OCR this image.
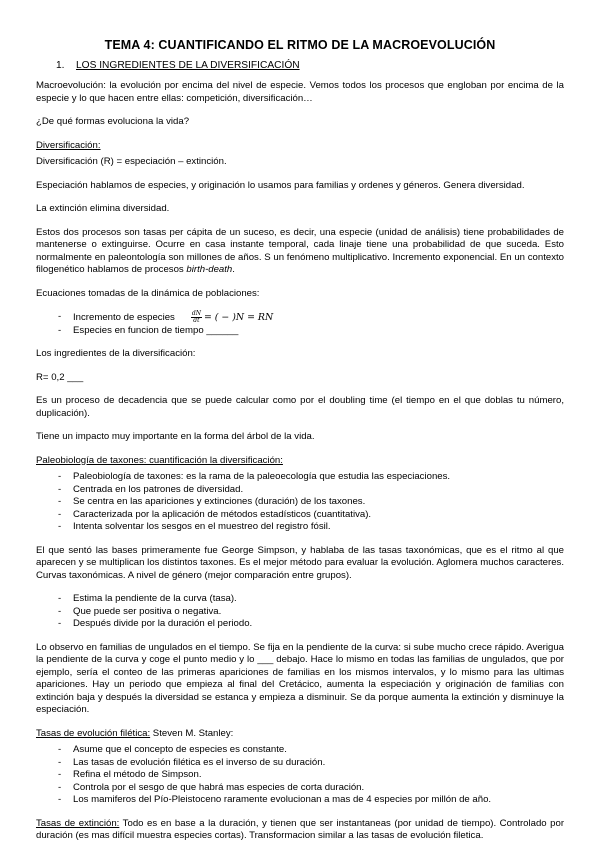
TEMA 4: CUANTIFICANDO EL RITMO DE LA MACROEVOLUCIÓN
1. LOS INGREDIENTES DE LA DIVERSIFICACIÓN

Macroevolución: la evolución por encima del nivel de especie. Vemos todos los procesos que engloban por encima de la especie y lo que hacen entre ellas: competición, diversificación…

¿De qué formas evoluciona la vida?

Diversificación:

Diversificación (R) = especiación – extinción.

Especiación hablamos de especies, y originación lo usamos para familias y ordenes y géneros. Genera diversidad.

La extinción elimina diversidad.

Estos dos procesos son tasas per cápita de un suceso, es decir, una especie (unidad de análisis) tiene probabilidades de mantenerse o extinguirse. Ocurre en casa instante temporal, cada linaje tiene una probabilidad de que suceda. Esto normalmente en paleontología son millones de años. S un fenómeno multiplicativo. Incremento exponencial. En un contexto filogenético hablamos de procesos birth-death.

Ecuaciones tomadas de la dinámica de poblaciones:

- Incremento de especies	$\frac{dN}{dt}$ = ( − )N = RN
- Especies en funcion de tiempo ______

Los ingredientes de la diversificación:

R= 0,2 ___

Es un proceso de decadencia que se puede calcular como por el doubling time (el tiempo en el que doblas tu número, duplicación).

Tiene un impacto muy importante en la forma del árbol de la vida.

Paleobiología de taxones: cuantificación la diversificación:

- Paleobiología de taxones: es la rama de la paleoecología que estudia las especiaciones.
- Centrada en los patrones de diversidad.
- Se centra en las apariciones y extinciones (duración) de los taxones.
- Caracterizada por la aplicación de métodos estadísticos (cuantitativa).
- Intenta solventar los sesgos en el muestreo del registro fósil.

El que sentó las bases primeramente fue George Simpson, y hablaba de las tasas taxonómicas, que es el ritmo al que aparecen y se multiplican los distintos taxones. Es el mejor método para evaluar la evolución. Aglomera muchos caracteres. Curvas taxonómicas. A nivel de género (mejor comparación entre grupos).

- Estima la pendiente de la curva (tasa).
- Que puede ser positiva o negativa.
- Después divide por la duración el periodo.

Lo observo en familias de ungulados en el tiempo. Se fija en la pendiente de la curva: si sube mucho crece rápido. Averigua la pendiente de la curva y coge el punto medio y lo ___ debajo. Hace lo mismo en todas las familias de ungulados, que por ejemplo, sería el conteo de las primeras apariciones de familias en los mismos intervalos, y lo mismo para las ultimas apariciones. Hay un periodo que empieza al final del Cretácico, aumenta la especiación y originación de familias con extinción baja y después la diversidad se estanca y empieza a disminuir. Se da porque aumenta la extinción y disminuye la especiación.

Tasas de evolución filética: Steven M. Stanley:

- Asume que el concepto de especies es constante.
- Las tasas de evolución filética es el inverso de su duración.
- Refina el método de Simpson.
- Controla por el sesgo de que habrá mas especies de corta duración.
- Los mamiferos del Pío-Pleistoceno raramente evolucionan a mas de 4 especies por millón de año.

Tasas de extinción: Todo es en base a la duración, y tienen que ser instantaneas (por unidad de tiempo). Controlado por duración (es mas difícil muestra especies cortas). Transformacion similar a las tasas de evolución filetica.
